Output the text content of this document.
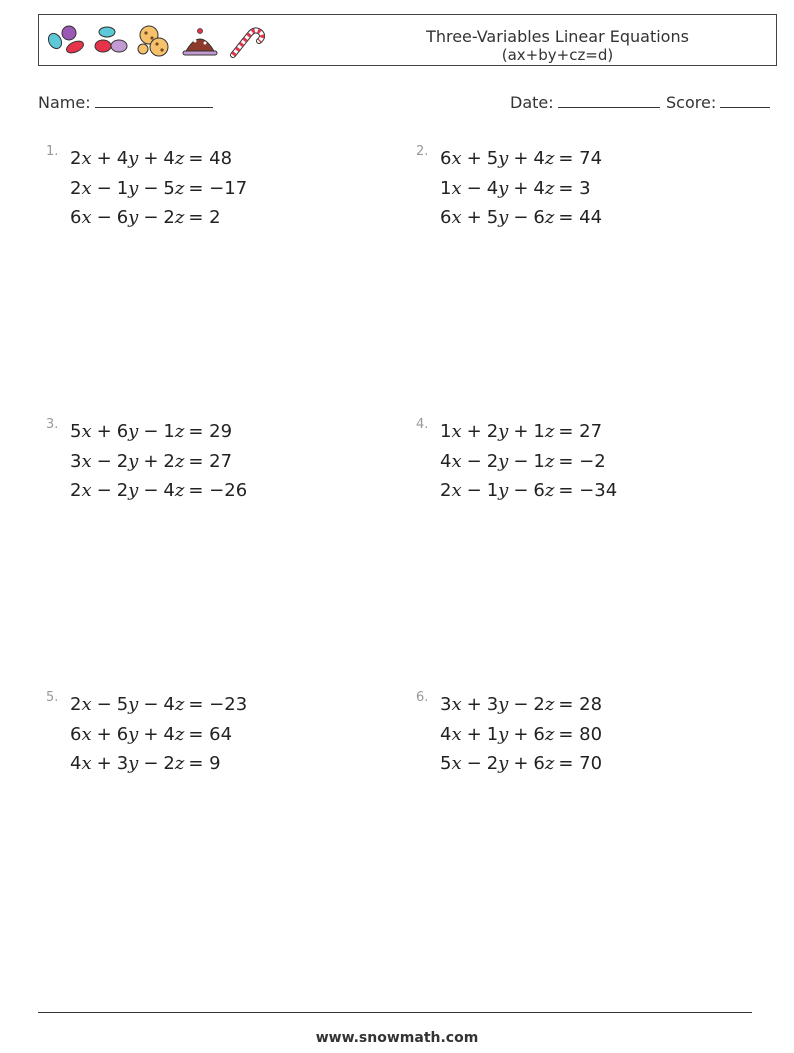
Three-Variables Linear Equations
(ax+by+cz=d)
Name:	Date:	Score:
1. 2x + 4y + 4z	= 48
2x − 1y − 5z	= −17
6x − 6y − 2z	= 2
2. 6x + 5y + 4z	= 74
1x − 4y + 4z	= 3
6x + 5y − 6z	= 44
3. 5x + 6y − 1z	= 29
3x − 2y + 2z	= 27
2x − 2y − 4z	= −26
4. 1x + 2y + 1z	= 27
4x − 2y − 1z	= −2
2x − 1y − 6z	= −34
5. 2x − 5y − 4z	= −23
6x + 6y + 4z	= 64
4x + 3y − 2z	= 9
6. 3x + 3y − 2z	= 28
4x + 1y + 6z	= 80
5x − 2y + 6z	= 70
www.snowmath.com
